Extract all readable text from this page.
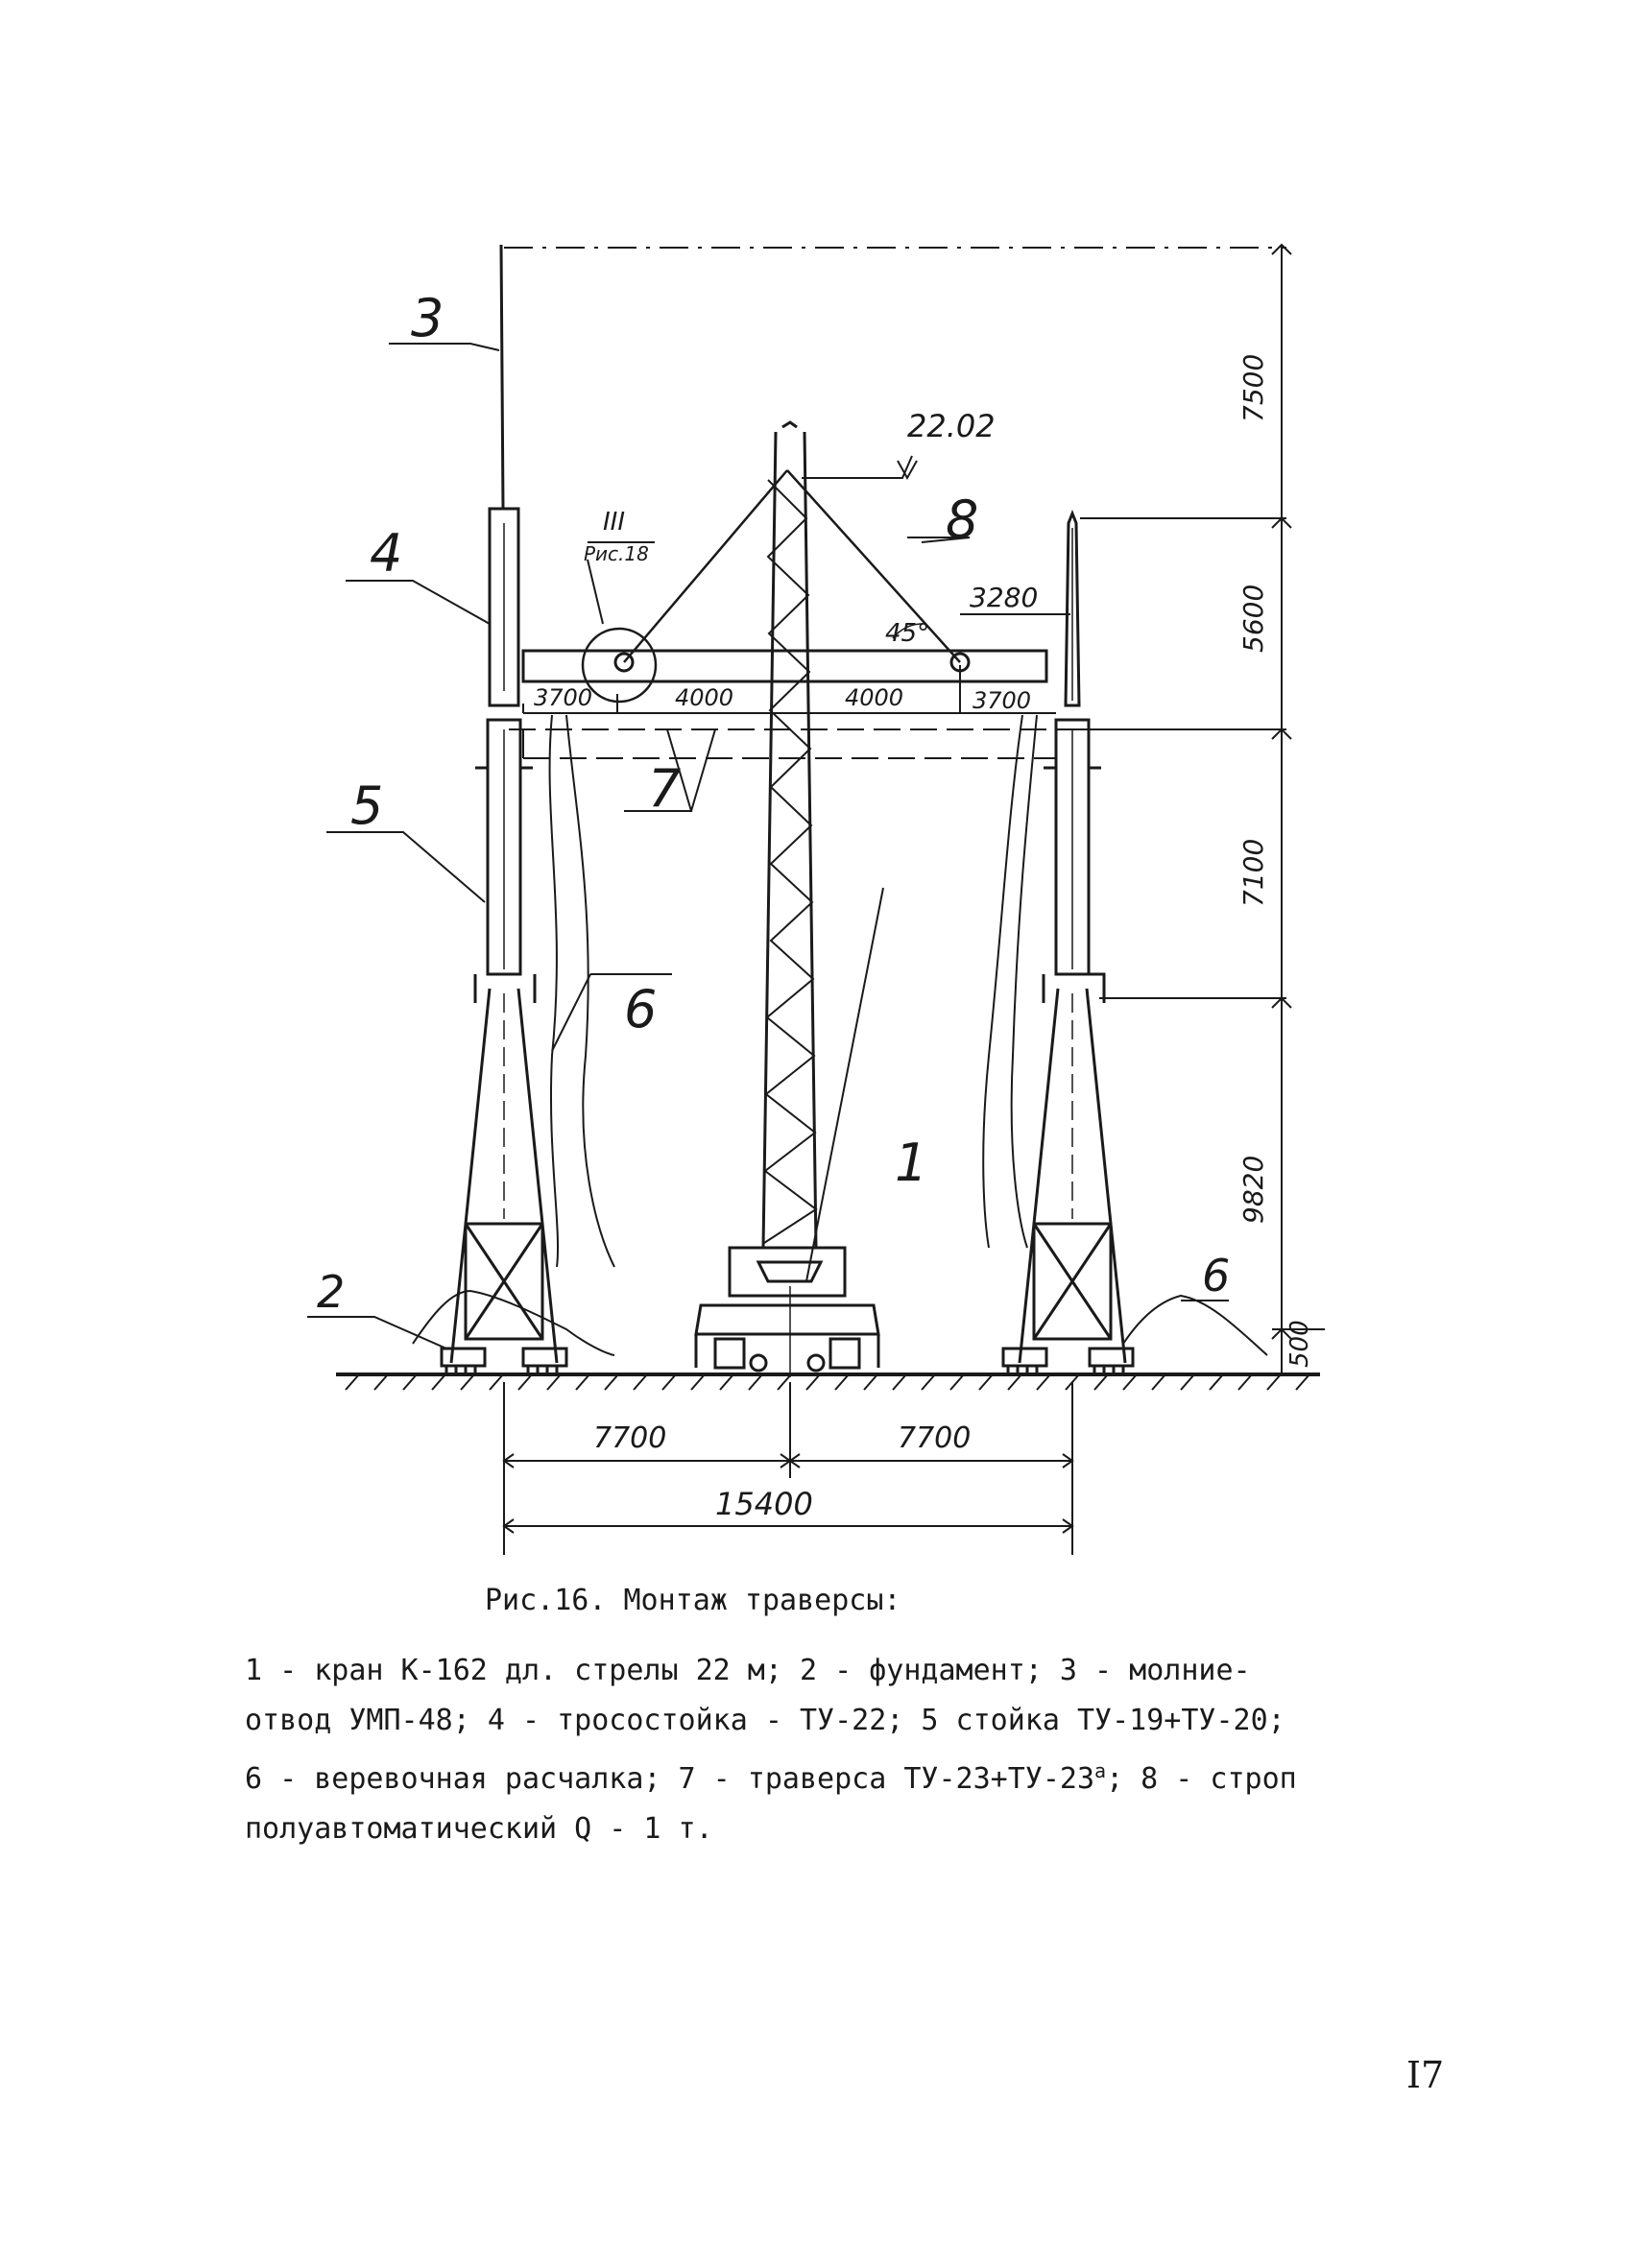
3
4
5
2
6
1
8
7
6
22.02
III
Рис.18
45°
3280
3700	4000	4000	3700
7500
5600
7100
9820
500
7700	7700
15400
Рис.16. Монтаж траверсы:
1 - кран К-162 дл. стрелы 22 м; 2 - фундамент; 3 - молние-
отвод УМП-48; 4 - тросостойка - ТУ-22; 5 стойка ТУ-19+ТУ-20;
6 - веревочная расчалка; 7 - траверса $ТУ-23+ТУ-23^а$; 8 - строп
полуавтоматический Q - 1 т.
I7
